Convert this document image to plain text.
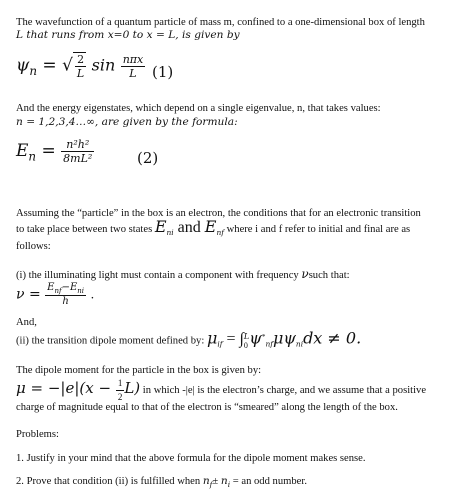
The wavefunction of a quantum particle of mass m, confined to a one-dimensional box of length
L that runs from x=0 to x = L, is given by
$\psi_n$ = √ $\frac{2}{L}$ $\sin \frac{\text{nπx}}{L} (1)$
And the energy eigenstates, which depend on a single eigenvalue, n, that takes values:
n = 1,2,3,4…∞, are given by the formula:
$E_n = \frac{\text{n²h²}}{\text{8mL²}}$	(2)
Assuming the “particle” in the box is an electron, the conditions that for an electronic transition
to take place between two states $E_{ni}$ and $E_{nf}$ where i and f refer to initial and final are as
follows:
(i) the illuminating light must contain a component with frequency νsuch that:
$\nu = \frac{E_{nf}-E_{ni}}{h}$ .
And,
(ii) the transition dipole moment defined by: $\mu_{if}$ = ∫ L
0 $\psi^*_{nf}\mu\psi_{ni}dx \ne 0$.
The dipole moment for the particle in the box is given by:
$\mu = -|e|(x - \frac{1}{2} L)$ in which -|e| is the electron’s charge, and we assume that a positive
charge of magnitude equal to that of the electron is “smeared” along the length of the box.
Problems:
1. Justify in your mind that the above formula for the dipole moment makes sense.
2. Prove that condition (ii) is fulfilled when $n_f\pm n_i$ = an odd number.
